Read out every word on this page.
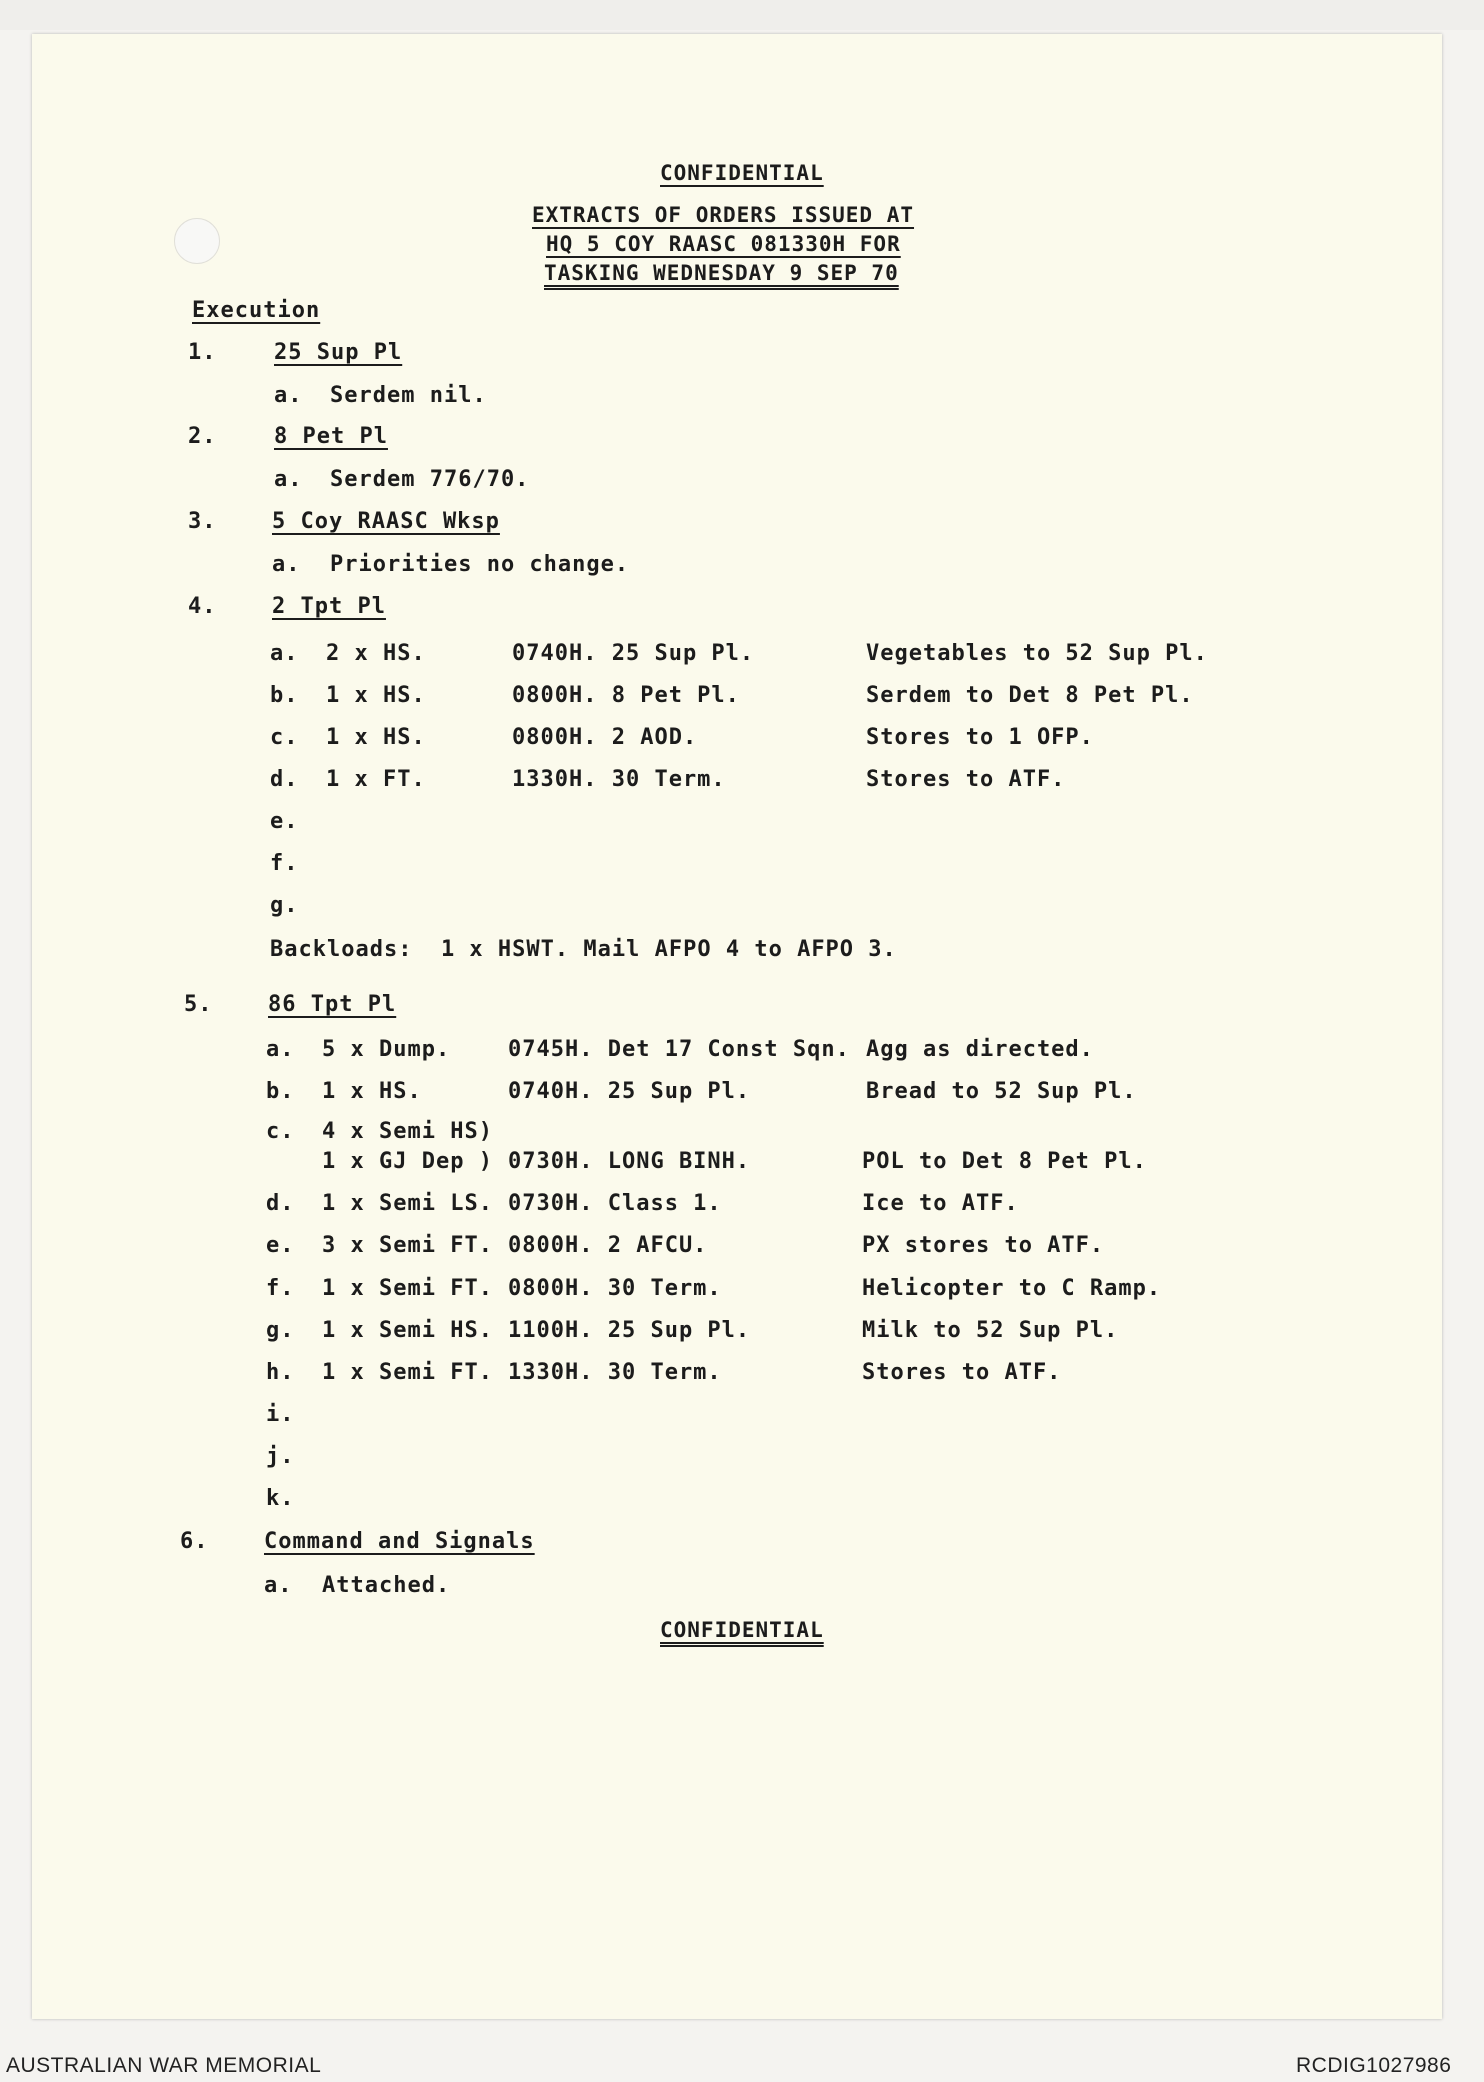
CONFIDENTIAL
EXTRACTS OF ORDERS ISSUED AT
HQ 5 COY RAASC 081330H FOR
TASKING WEDNESDAY 9 SEP 70
Execution
1.	25 Sup Pl
a. Serdem nil.
2.	8 Pet Pl
a. Serdem 776/70.
3.	5 Coy RAASC Wksp
a. Priorities no change.
4.	2 Tpt Pl
a. 2 x HS.	0740H. 25 Sup Pl.	Vegetables to 52 Sup Pl.
b. 1 x HS.	0800H. 8 Pet Pl.	Serdem to Det 8 Pet Pl.
c. 1 x HS.	0800H. 2 AOD.	Stores to 1 OFP.
d. 1 x FT.	1330H. 30 Term.	Stores to ATF.
e.
f.
g.
Backloads:  1 x HSWT. Mail AFPO 4 to AFPO 3.
5.	86 Tpt Pl
a. 5 x Dump.	0745H. Det 17 Const Sqn. Agg as directed.
b. 1 x HS.	0740H. 25 Sup Pl.	Bread to 52 Sup Pl.
c. 4 x Semi HS)
1 x GJ Dep ) 0730H. LONG BINH.	POL to Det 8 Pet Pl.
d. 1 x Semi LS. 0730H. Class 1.	Ice to ATF.
e. 3 x Semi FT. 0800H. 2 AFCU.	PX stores to ATF.
f. 1 x Semi FT. 0800H. 30 Term.	Helicopter to C Ramp.
g. 1 x Semi HS. 1100H. 25 Sup Pl.	Milk to 52 Sup Pl.
h. 1 x Semi FT. 1330H. 30 Term.	Stores to ATF.
i.
j.
k.
6.	Command and Signals
a. Attached.
CONFIDENTIAL
AUSTRALIAN WAR MEMORIAL	RCDIG1027986
